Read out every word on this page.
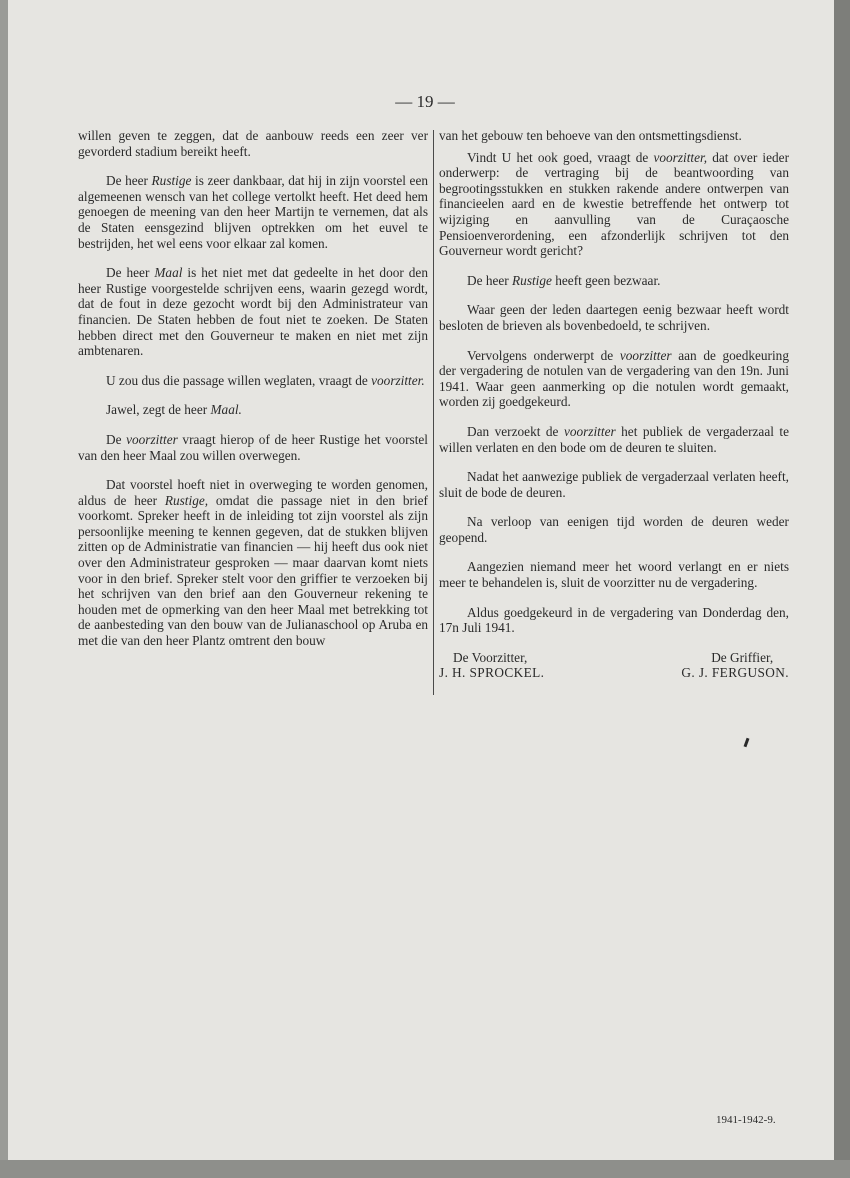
— 19 —

willen geven te zeggen, dat de aanbouw reeds een zeer ver gevorderd stadium bereikt heeft.

De heer Rustige is zeer dankbaar, dat hij in zijn voorstel een algemeenen wensch van het college vertolkt heeft. Het deed hem genoegen de meening van den heer Martijn te vernemen, dat als de Staten eensgezind blijven optrekken om het euvel te bestrijden, het wel eens voor elkaar zal komen.

De heer Maal is het niet met dat gedeelte in het door den heer Rustige voorgestelde schrijven eens, waarin gezegd wordt, dat de fout in deze gezocht wordt bij den Administrateur van financien. De Staten hebben de fout niet te zoeken. De Staten hebben direct met den Gouverneur te maken en niet met zijn ambtenaren.

U zou dus die passage willen weglaten, vraagt de voorzitter.

Jawel, zegt de heer Maal.

De voorzitter vraagt hierop of de heer Rustige het voorstel van den heer Maal zou willen overwegen.

Dat voorstel hoeft niet in overweging te worden genomen, aldus de heer Rustige, omdat die passage niet in den brief voorkomt. Spreker heeft in de inleiding tot zijn voorstel als zijn persoonlijke meening te kennen gegeven, dat de stukken blijven zitten op de Administratie van financien — hij heeft dus ook niet over den Administrateur gesproken — maar daarvan komt niets voor in den brief. Spreker stelt voor den griffier te verzoeken bij het schrijven van den brief aan den Gouverneur rekening te houden met de opmerking van den heer Maal met betrekking tot de aanbesteding van den bouw van de Julianaschool op Aruba en met die van den heer Plantz omtrent den bouw

van het gebouw ten behoeve van den ontsmettingsdienst.

Vindt U het ook goed, vraagt de voorzitter, dat over ieder onderwerp: de vertraging bij de beantwoording van begrootingsstukken en stukken rakende andere ontwerpen van financieelen aard en de kwestie betreffende het ontwerp tot wijziging en aanvulling van de Curaçaosche Pensioenverordening, een afzonderlijk schrijven tot den Gouverneur wordt gericht?

De heer Rustige heeft geen bezwaar.

Waar geen der leden daartegen eenig bezwaar heeft wordt besloten de brieven als bovenbedoeld, te schrijven.

Vervolgens onderwerpt de voorzitter aan de goedkeuring der vergadering de notulen van de vergadering van den 19n. Juni 1941. Waar geen aanmerking op die notulen wordt gemaakt, worden zij goedgekeurd.

Dan verzoekt de voorzitter het publiek de vergaderzaal te willen verlaten en den bode om de deuren te sluiten.

Nadat het aanwezige publiek de vergaderzaal verlaten heeft, sluit de bode de deuren.

Na verloop van eenigen tijd worden de deuren weder geopend.

Aangezien niemand meer het woord verlangt en er niets meer te behandelen is, sluit de voorzitter nu de vergadering.

Aldus goedgekeurd in de vergadering van Donderdag den, 17n Juli 1941.

De Voorzitter,
J. H. SPROCKEL.
De Griffier,
G. J. FERGUSON.
1941-1942-9.
